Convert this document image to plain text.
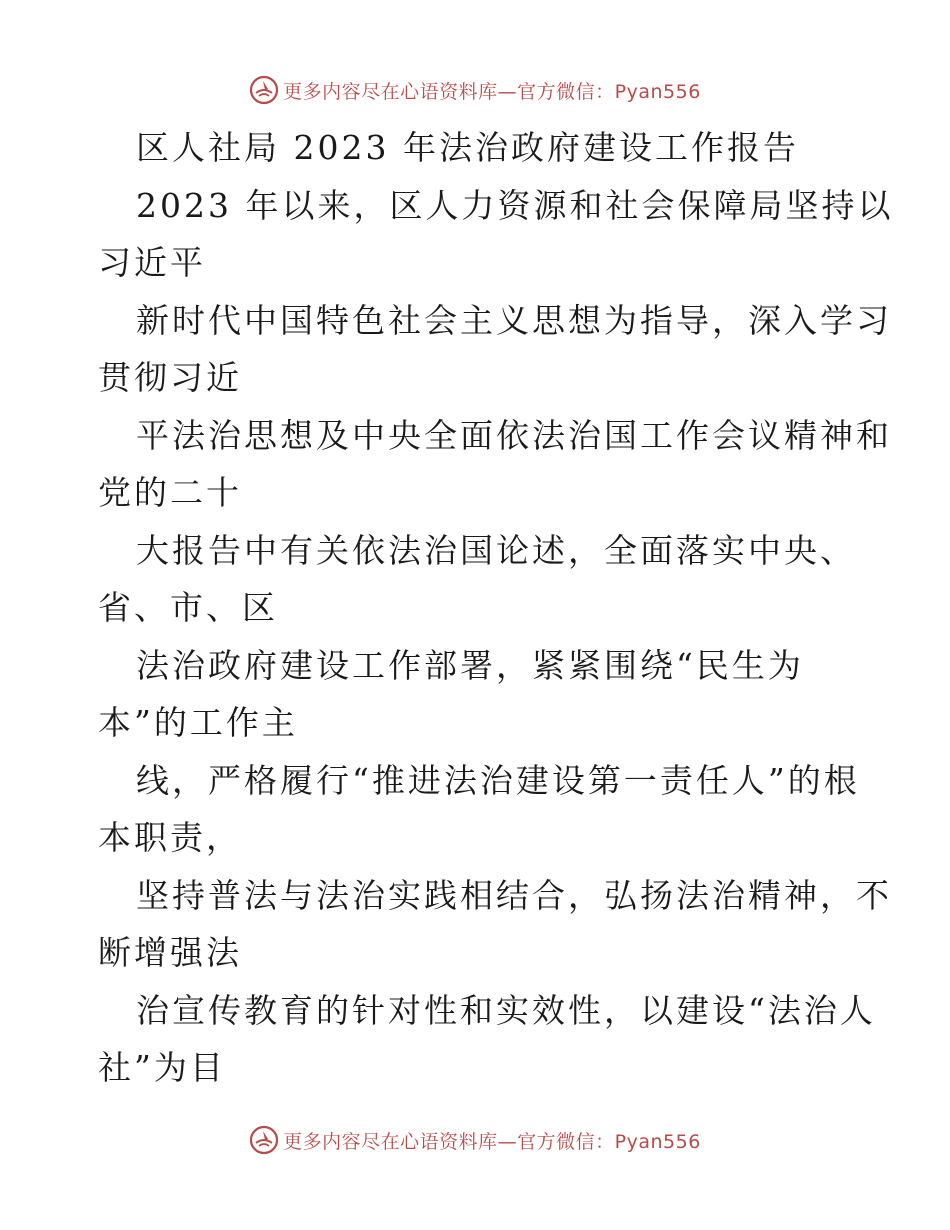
更多内容尽在心语资料库—官方微信：Pyan556
区人社局 2023 年法治政府建设工作报告
2023 年以来，区人力资源和社会保障局坚持以
习近平
新时代中国特色社会主义思想为指导，深入学习
贯彻习近
平法治思想及中央全面依法治国工作会议精神和
党的二十
大报告中有关依法治国论述，全面落实中央、
省、市、区
法治政府建设工作部署，紧紧围绕“民生为
本”的工作主
线，严格履行“推进法治建设第一责任人”的根
本职责，
坚持普法与法治实践相结合，弘扬法治精神，不
断增强法
治宣传教育的针对性和实效性，以建设“法治人
社”为目
更多内容尽在心语资料库—官方微信：Pyan556
